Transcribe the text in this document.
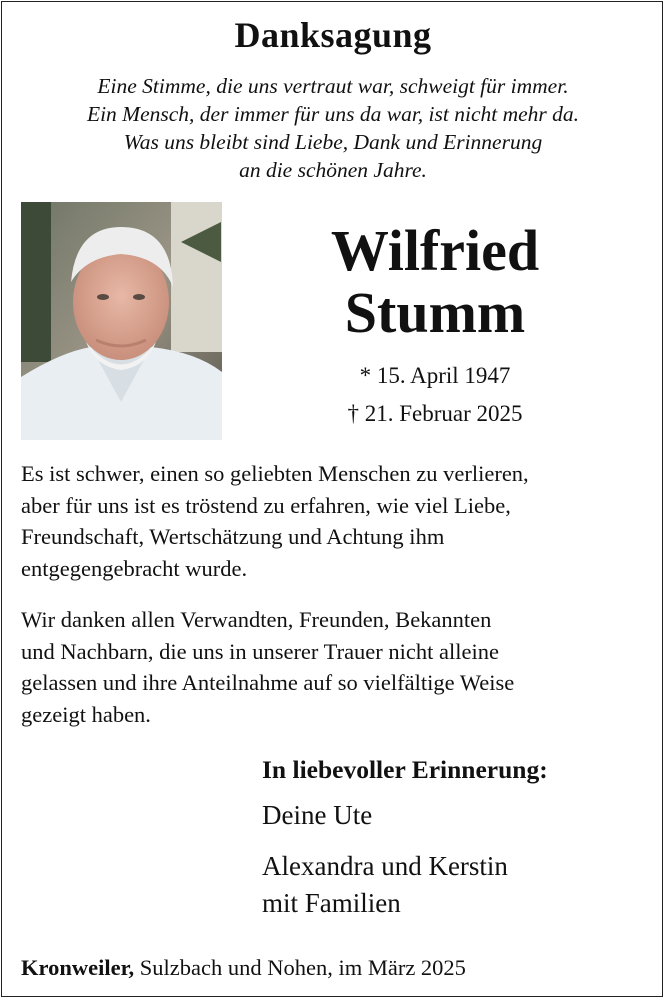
Danksagung
Eine Stimme, die uns vertraut war, schweigt für immer.
Ein Mensch, der immer für uns da war, ist nicht mehr da.
Was uns bleibt sind Liebe, Dank und Erinnerung
an die schönen Jahre.
Wilfried
Stumm
* 15. April 1947
† 21. Februar 2025
Es ist schwer, einen so geliebten Menschen zu verlieren,
aber für uns ist es tröstend zu erfahren, wie viel Liebe,
Freundschaft, Wertschätzung und Achtung ihm
entgegengebracht wurde.
Wir danken allen Verwandten, Freunden, Bekannten
und Nachbarn, die uns in unserer Trauer nicht alleine
gelassen und ihre Anteilnahme auf so vielfältige Weise
gezeigt haben.
In liebevoller Erinnerung:
Deine Ute
Alexandra und Kerstin
mit Familien
Kronweiler, Sulzbach und Nohen, im März 2025
